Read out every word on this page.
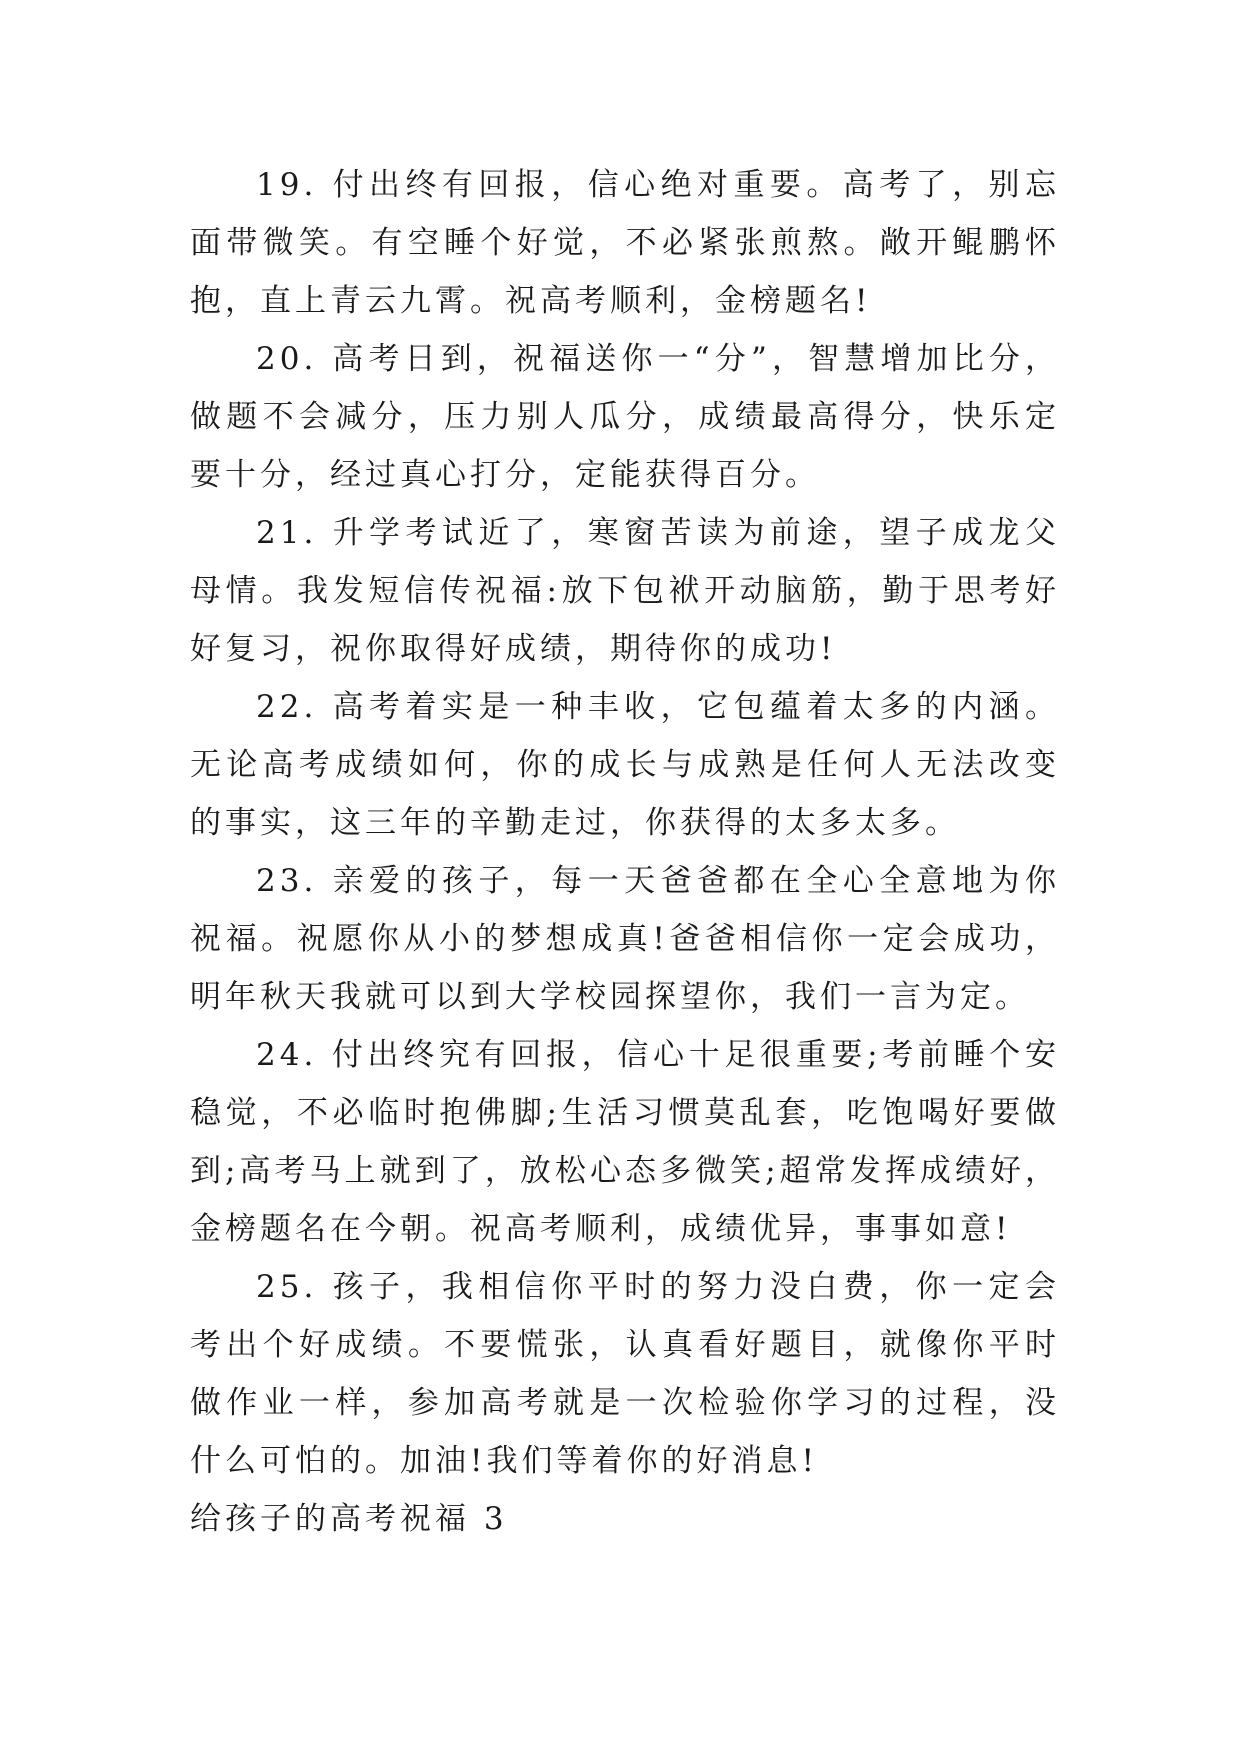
19. 付出终有回报，信心绝对重要。高考了，别忘面带微笑。有空睡个好觉，不必紧张煎熬。敞开鲲鹏怀抱，直上青云九霄。祝高考顺利，金榜题名!

20. 高考日到，祝福送你一“分”，智慧增加比分，做题不会减分，压力别人瓜分，成绩最高得分，快乐定要十分，经过真心打分，定能获得百分。

21. 升学考试近了，寒窗苦读为前途，望子成龙父母情。我发短信传祝福:放下包袱开动脑筋，勤于思考好好复习，祝你取得好成绩，期待你的成功!

22. 高考着实是一种丰收，它包蕴着太多的内涵。无论高考成绩如何，你的成长与成熟是任何人无法改变的事实，这三年的辛勤走过，你获得的太多太多。

23. 亲爱的孩子，每一天爸爸都在全心全意地为你祝福。祝愿你从小的梦想成真!爸爸相信你一定会成功，明年秋天我就可以到大学校园探望你，我们一言为定。

24. 付出终究有回报，信心十足很重要;考前睡个安稳觉，不必临时抱佛脚;生活习惯莫乱套，吃饱喝好要做到;高考马上就到了，放松心态多微笑;超常发挥成绩好，金榜题名在今朝。祝高考顺利，成绩优异，事事如意!

25. 孩子，我相信你平时的努力没白费，你一定会考出个好成绩。不要慌张，认真看好题目，就像你平时做作业一样，参加高考就是一次检验你学习的过程，没什么可怕的。加油!我们等着你的好消息!

给孩子的高考祝福 3
